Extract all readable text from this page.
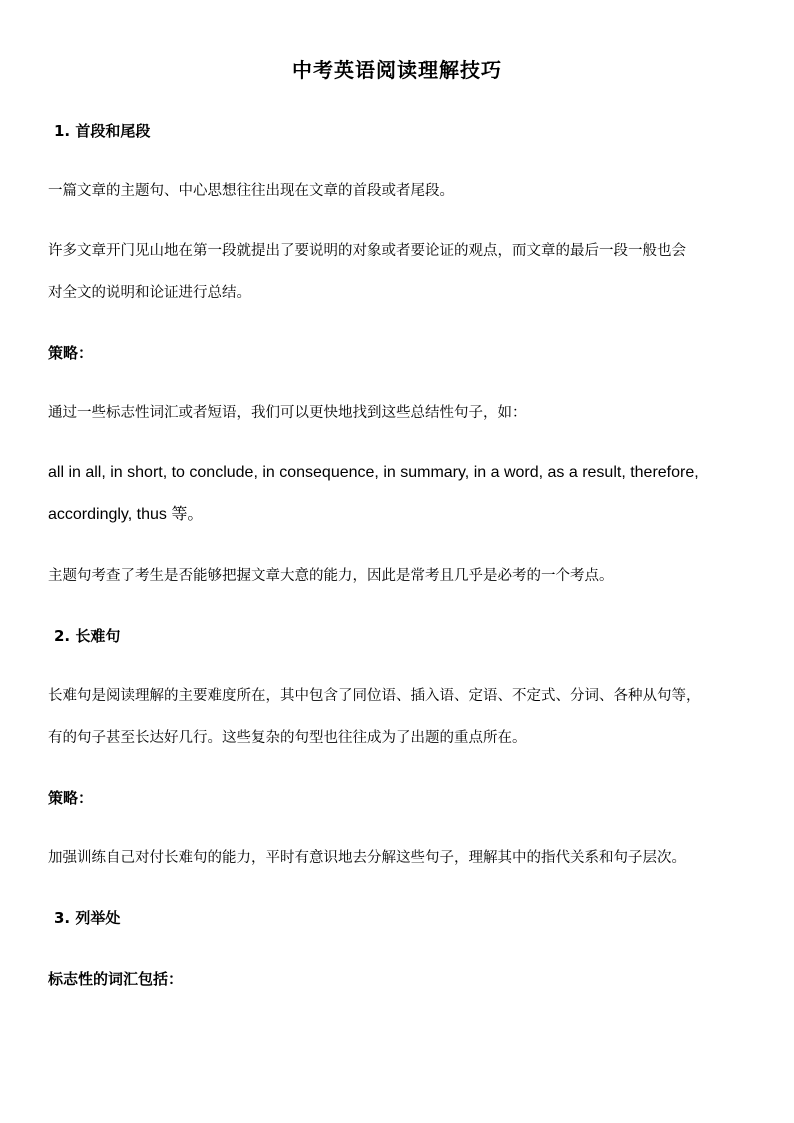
中考英语阅读理解技巧
1. 首段和尾段
一篇文章的主题句、中心思想往往出现在文章的首段或者尾段。
许多文章开门见山地在第一段就提出了要说明的对象或者要论证的观点，而文章的最后一段一般也会
对全文的说明和论证进行总结。
策略：
通过一些标志性词汇或者短语，我们可以更快地找到这些总结性句子，如：
all in all, in short, to conclude, in consequence, in summary, in a word, as a result, therefore,
accordingly, thus 等。
主题句考查了考生是否能够把握文章大意的能力，因此是常考且几乎是必考的一个考点。
2. 长难句
长难句是阅读理解的主要难度所在，其中包含了同位语、插入语、定语、不定式、分词、各种从句等，
有的句子甚至长达好几行。这些复杂的句型也往往成为了出题的重点所在。
策略：
加强训练自己对付长难句的能力，平时有意识地去分解这些句子，理解其中的指代关系和句子层次。
3. 列举处
标志性的词汇包括：
